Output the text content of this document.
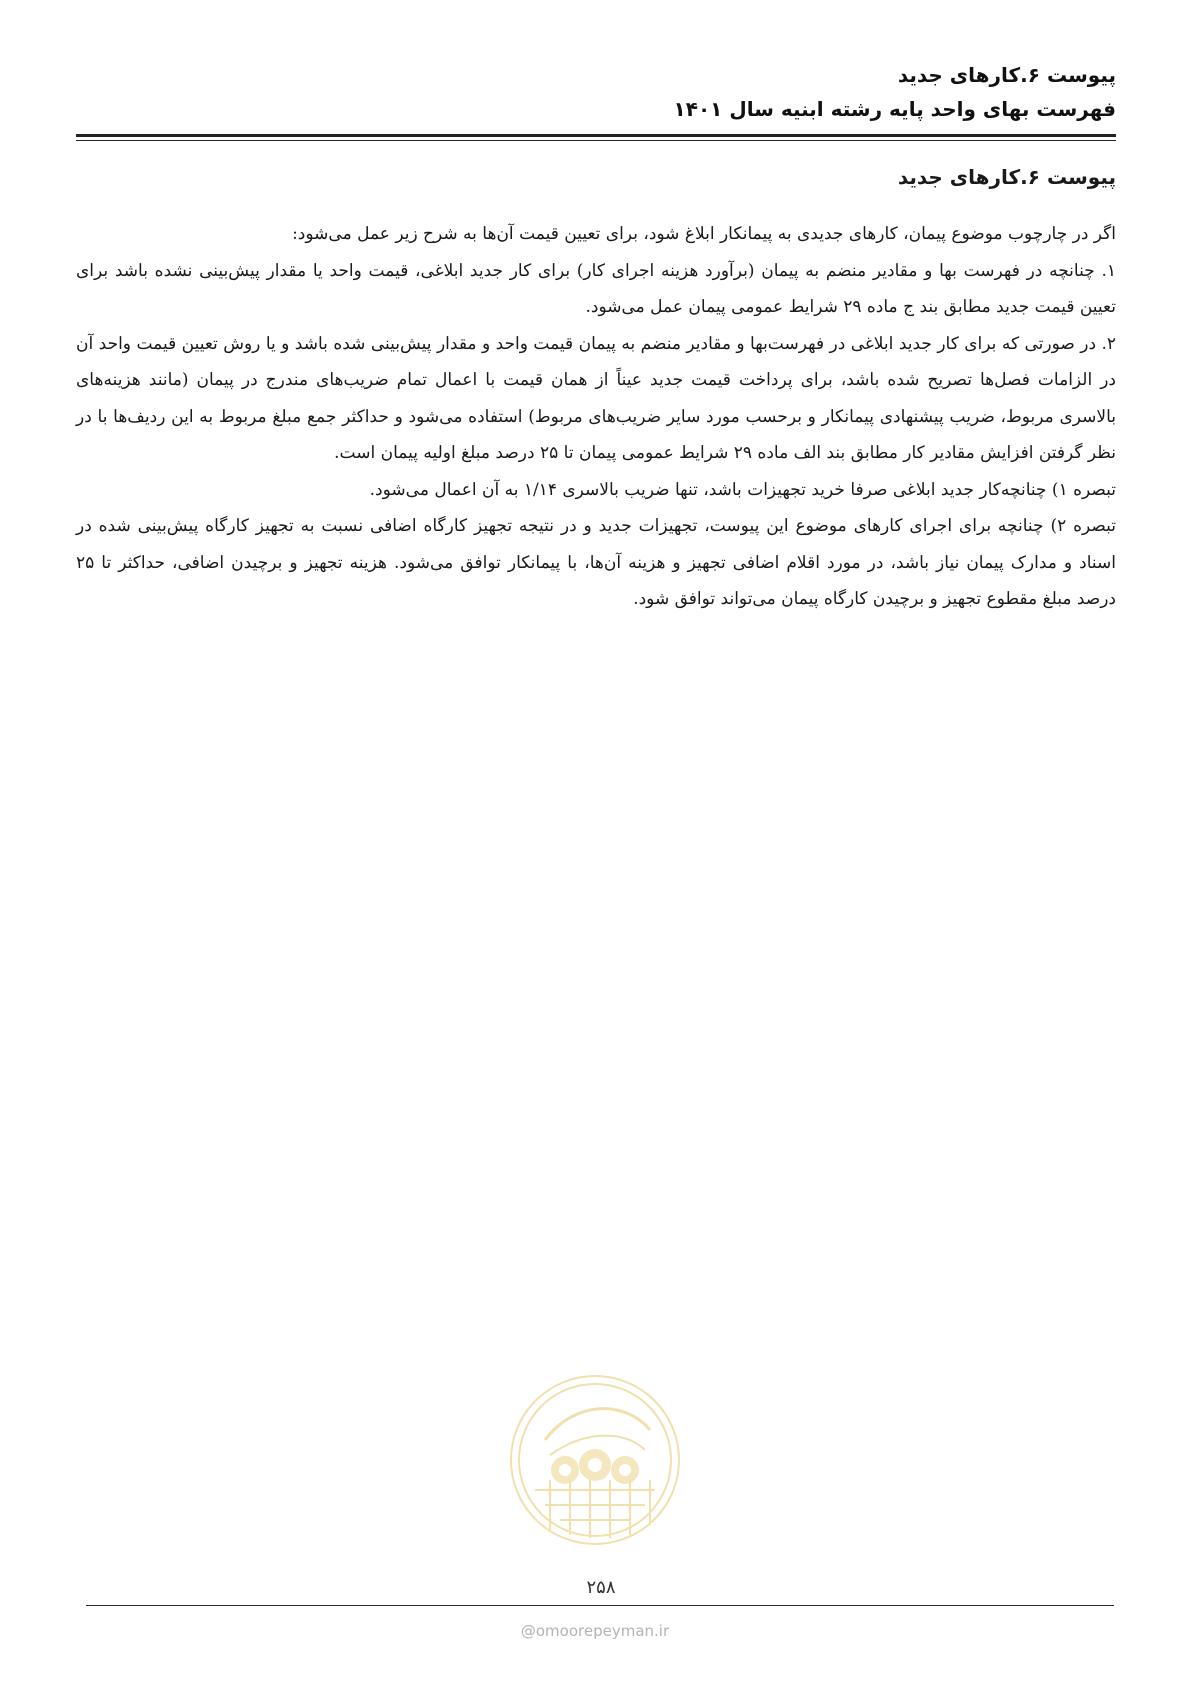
پیوست ۶.کارهای جدید
فهرست بهای واحد پایه رشته ابنیه سال ۱۴۰۱
پیوست ۶.کارهای جدید

اگر در چارچوب موضوع پیمان، کارهای جدیدی به پیمانکار ابلاغ شود، برای تعیین قیمت آن‌ها به شرح زیر عمل می‌شود:

۱. چنانچه در فهرست بها و مقادیر منضم به پیمان (برآورد هزینه اجرای کار) برای کار جدید ابلاغی، قیمت واحد یا مقدار پیش‌بینی نشده باشد برای تعیین قیمت جدید مطابق بند ج ماده ۲۹ شرایط عمومی پیمان عمل می‌شود.

۲. در صورتی که برای کار جدید ابلاغی در فهرست‌بها و مقادیر منضم به پیمان قیمت واحد و مقدار پیش‌بینی شده باشد و یا روش تعیین قیمت واحد آن در الزامات فصل‌ها تصریح شده باشد، برای پرداخت قیمت جدید عیناً از همان قیمت با اعمال تمام ضریب‌های مندرج در پیمان (مانند هزینه‌های بالاسری مربوط، ضریب پیشنهادی پیمانکار و برحسب مورد سایر ضریب‌های مربوط) استفاده می‌شود و حداکثر جمع مبلغ مربوط به این ردیف‌ها با در نظر گرفتن افزایش مقادیر کار مطابق بند الف ماده ۲۹ شرایط عمومی پیمان تا ۲۵ درصد مبلغ اولیه پیمان است.

تبصره ۱) چنانچه‌کار جدید ابلاغی صرفا خرید تجهیزات باشد، تنها ضریب بالاسری ۱/۱۴ به آن اعمال می‌شود.

تبصره ۲) چنانچه برای اجرای کارهای موضوع این پیوست، تجهیزات جدید و در نتیجه تجهیز کارگاه اضافی نسبت به تجهیز کارگاه پیش‌بینی شده در اسناد و مدارک پیمان نیاز باشد، در مورد اقلام اضافی تجهیز و هزینه آن‌ها، با پیمانکار توافق می‌شود. هزینه تجهیز و برچیدن اضافی، حداکثر تا ۲۵ درصد مبلغ مقطوع تجهیز و برچیدن کارگاه پیمان می‌تواند توافق شود.

۲۵۸
@omoorepeyman.ir
